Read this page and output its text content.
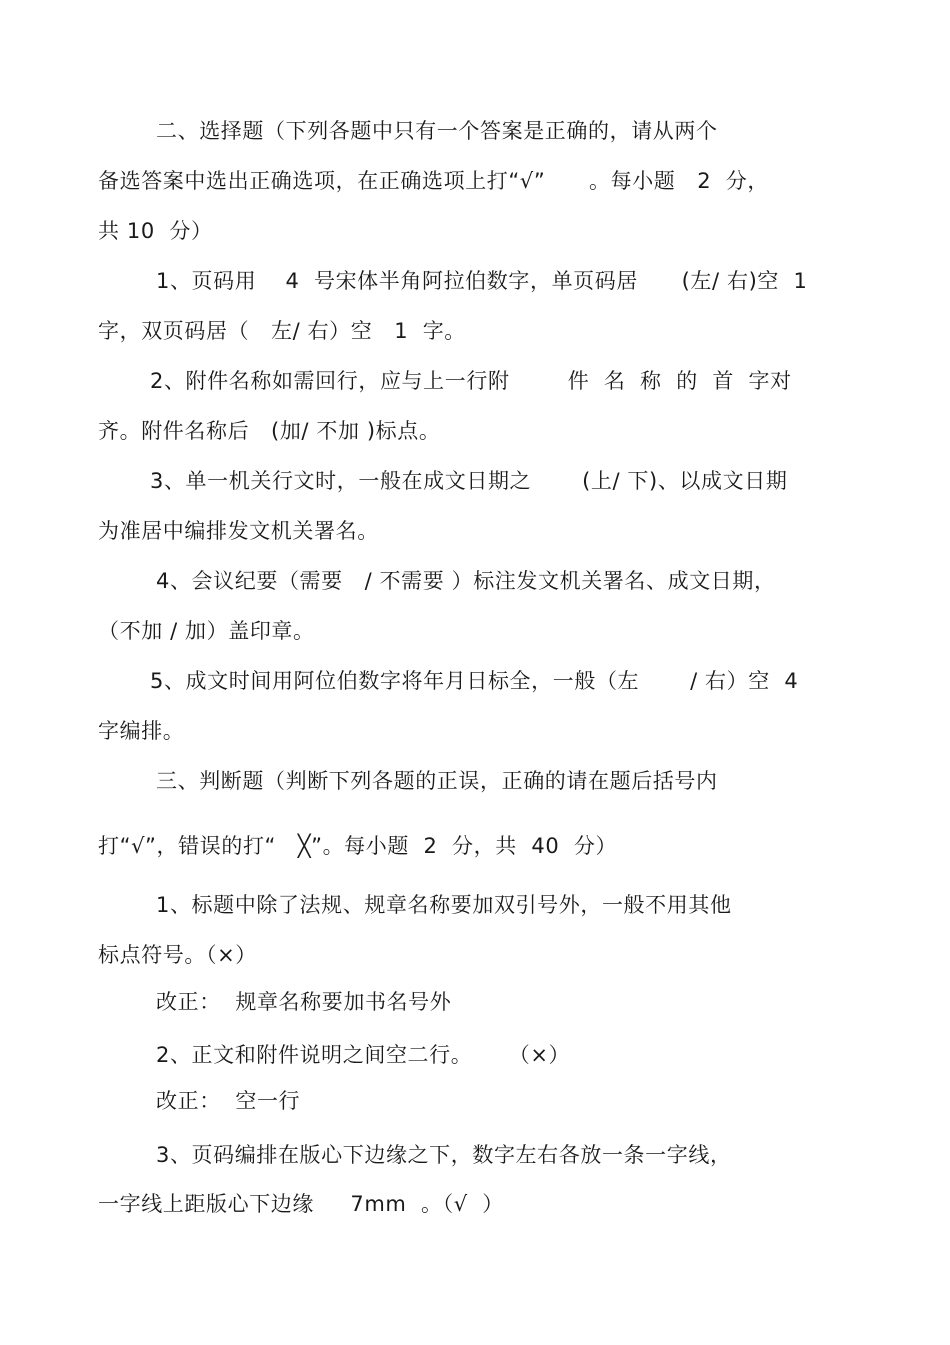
二、选择题（下列各题中只有一个答案是正确的，请从两个
备选答案中选出正确选项，在正确选项上打“√”      。每小题   2  分，
共 10  分）
1、页码用    4  号宋体半角阿拉伯数字，单页码居      (左/ 右)空  1
字，双页码居（   左/ 右）空   1  字。
2、附件名称如需回行，应与上一行附        件  名  称  的  首  字对
齐。附件名称后   (加/ 不加 )标点。
3、单一机关行文时，一般在成文日期之       (上/ 下)、以成文日期
为准居中编排发文机关署名。
4、会议纪要（需要   / 不需要 ）标注发文机关署名、成文日期，
（不加 / 加）盖印章。
5、成文时间用阿位伯数字将年月日标全，一般（左       / 右）空  4
字编排。
三、判断题（判断下列各题的正误，正确的请在题后括号内
打“√”，错误的打“   ╳”。每小题  2  分，共  40  分）
1、标题中除了法规、规章名称要加双引号外，一般不用其他
标点符号。（×）
改正：  规章名称要加书名号外
2、正文和附件说明之间空二行。     （×）
改正：  空一行
3、页码编排在版心下边缘之下，数字左右各放一条一字线，
一字线上距版心下边缘     7mm  。（√  ）
